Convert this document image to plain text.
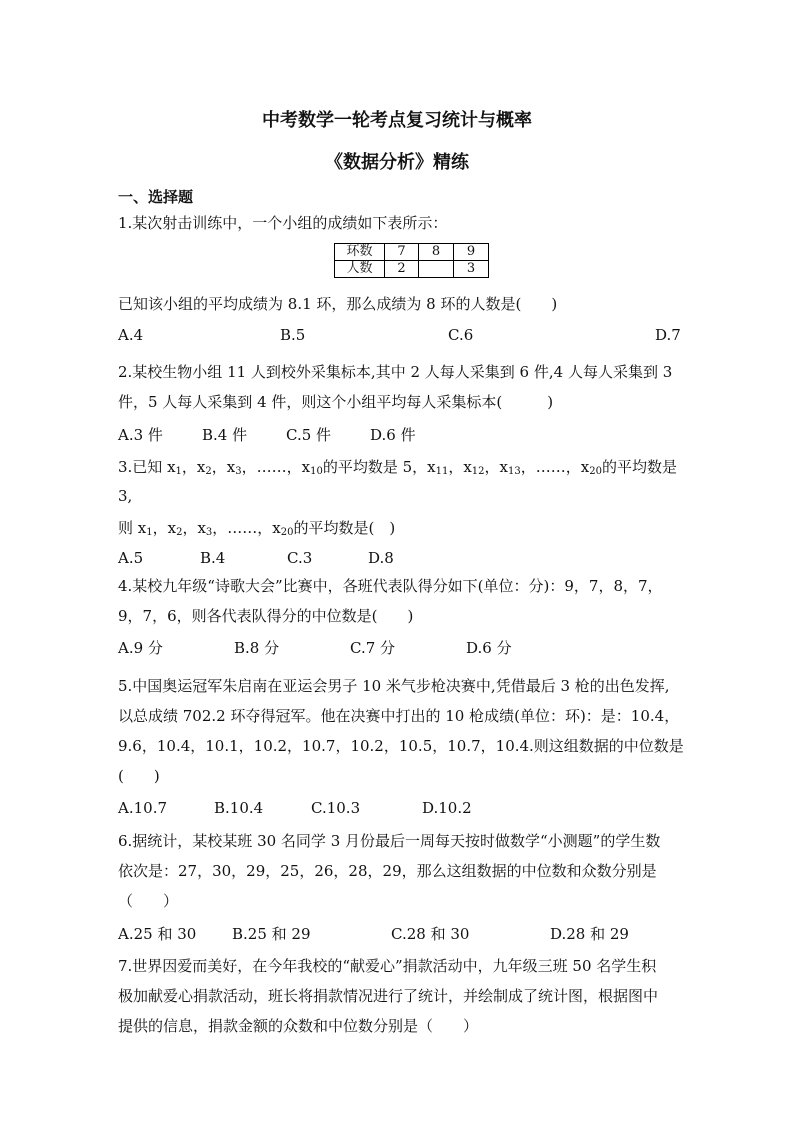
中考数学一轮考点复习统计与概率
《数据分析》精练
一、选择题
1.某次射击训练中，一个小组的成绩如下表所示：
环数	7	8	9
人数	2		3
已知该小组的平均成绩为 8.1 环，那么成绩为 8 环的人数是(　　)
A.4	B.5	C.6	D.7
2.某校生物小组 11 人到校外采集标本,其中 2 人每人采集到 6 件,4 人每人采集到 3
件，5 人每人采集到 4 件，则这个小组平均每人采集标本(　　　)
A.3 件	B.4 件	C.5 件	D.6 件
3.已知 $x_1$，$x_2$，$x_3$，……，$x_{10}$的平均数是 5，$x_{11}$，$x_{12}$，$x_{13}$，……，$x_{20}$的平均数是
3,
则 $x_1$，$x_2$，$x_3$，……，$x_{20}$的平均数是(　)
A.5	B.4	C.3	D.8
4.某校九年级“诗歌大会”比赛中，各班代表队得分如下(单位：分)：9，7，8，7，
9，7，6，则各代表队得分的中位数是(　　)
A.9 分	B.8 分	C.7 分	D.6 分
5.中国奥运冠军朱启南在亚运会男子 10 米气步枪决赛中,凭借最后 3 枪的出色发挥,
以总成绩 702.2 环夺得冠军。他在决赛中打出的 10 枪成绩(单位：环)：是：10.4，
9.6，10.4，10.1，10.2，10.7，10.2，10.5，10.7，10.4.则这组数据的中位数是
(　　)
A.10.7	B.10.4	C.10.3	D.10.2
6.据统计，某校某班 30 名同学 3 月份最后一周每天按时做数学“小测题”的学生数
依次是：27，30，29，25，26，28，29，那么这组数据的中位数和众数分别是
（　　）
A.25 和 30 B.25 和 29	C.28 和 30	D.28 和 29
7.世界因爱而美好，在今年我校的“献爱心”捐款活动中，九年级三班 50 名学生积
极加献爱心捐款活动，班长将捐款情况进行了统计，并绘制成了统计图，根据图中
提供的信息，捐款金额的众数和中位数分别是（　　）
